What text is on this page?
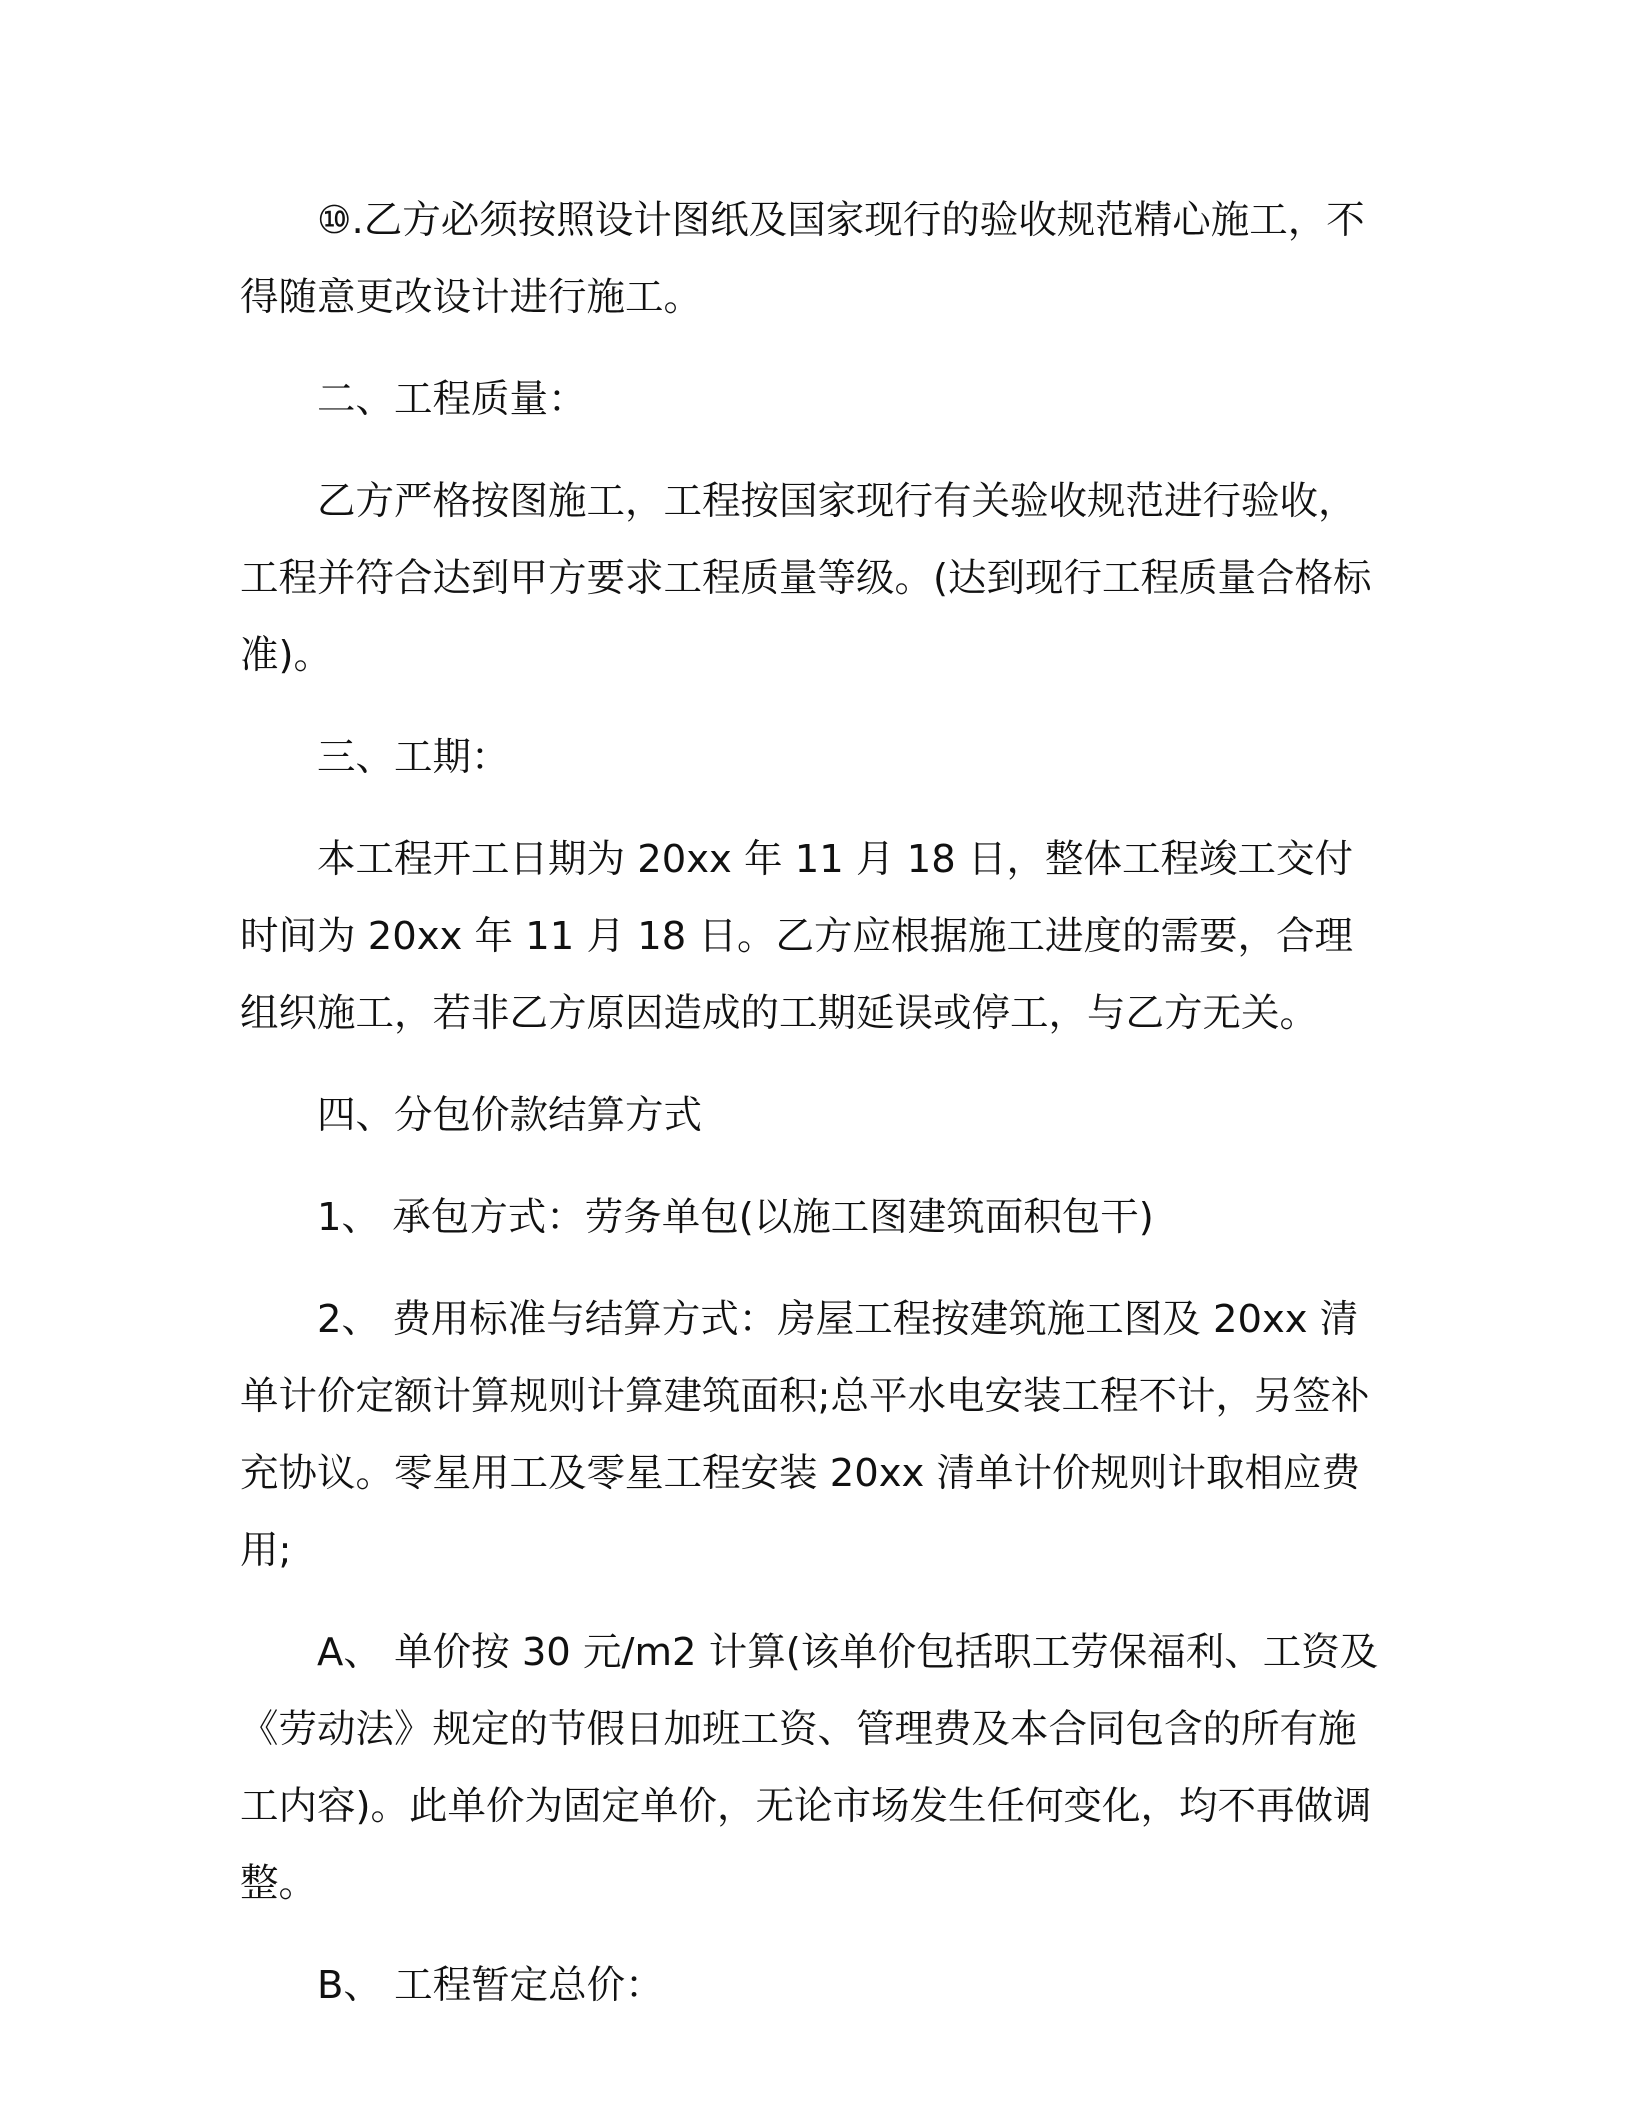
⑩.乙方必须按照设计图纸及国家现行的验收规范精心施工，不得随意更改设计进行施工。

二、工程质量：

乙方严格按图施工，工程按国家现行有关验收规范进行验收，工程并符合达到甲方要求工程质量等级。(达到现行工程质量合格标准)。

三、工期：

本工程开工日期为 20xx 年 11 月 18 日，整体工程竣工交付时间为 20xx 年 11 月 18 日。乙方应根据施工进度的需要，合理组织施工，若非乙方原因造成的工期延误或停工，与乙方无关。

四、分包价款结算方式

1、 承包方式：劳务单包(以施工图建筑面积包干)

2、 费用标准与结算方式：房屋工程按建筑施工图及 20xx 清单计价定额计算规则计算建筑面积;总平水电安装工程不计，另签补充协议。零星用工及零星工程安装 20xx 清单计价规则计取相应费用;

A、 单价按 30 元/m2 计算(该单价包括职工劳保福利、工资及《劳动法》规定的节假日加班工资、管理费及本合同包含的所有施工内容)。此单价为固定单价，无论市场发生任何变化，均不再做调整。

B、 工程暂定总价：
